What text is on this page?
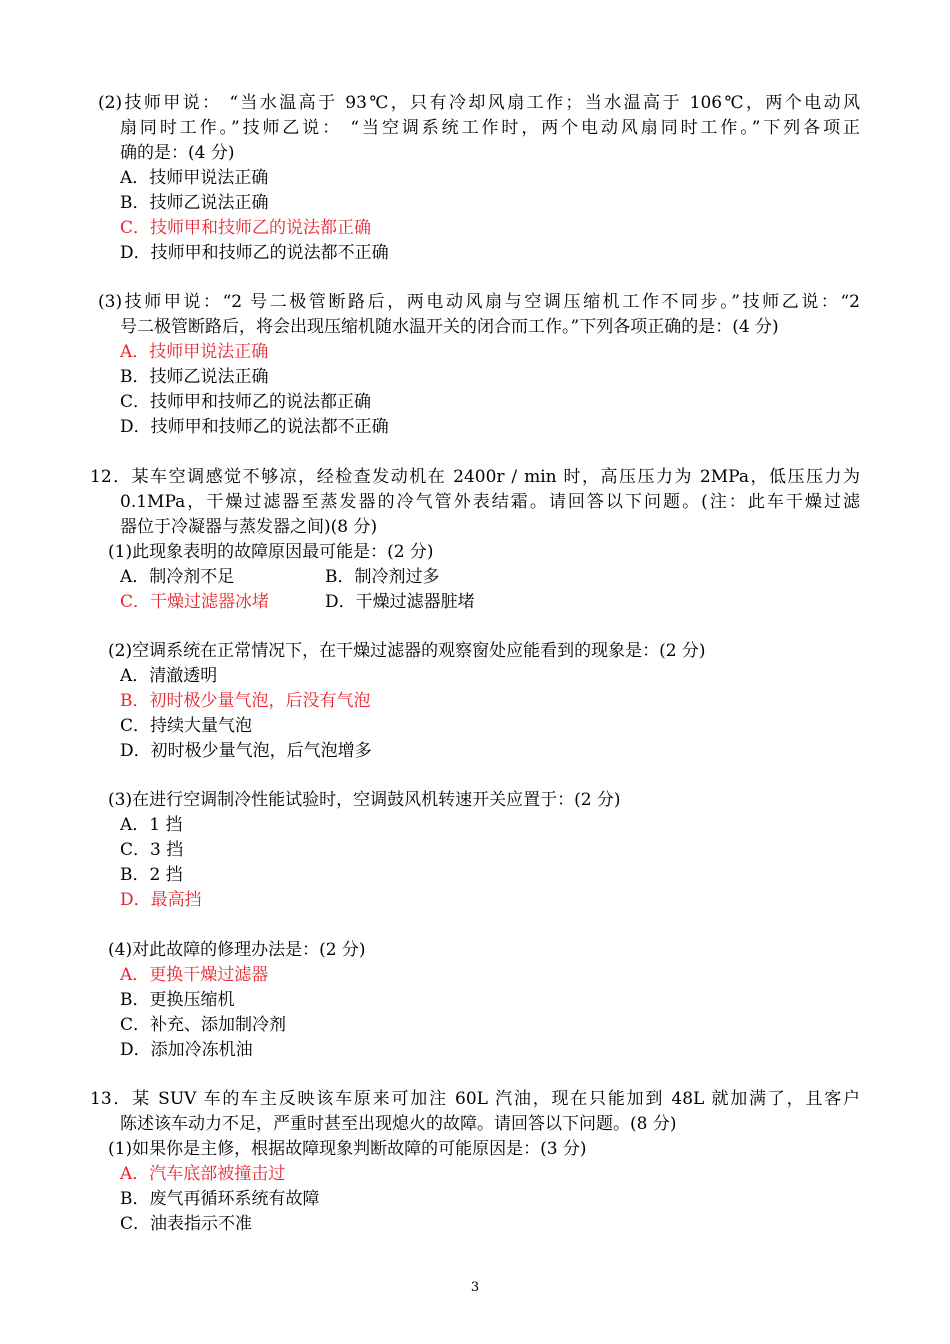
(2)技师甲说： “当水温高于 93℃，只有冷却风扇工作；当水温高于 106℃，两个电动风
扇同时工作。”技师乙说： “当空调系统工作时，两个电动风扇同时工作。”下列各项正
确的是：(4 分)
A．技师甲说法正确
B．技师乙说法正确
C．技师甲和技师乙的说法都正确
D．技师甲和技师乙的说法都不正确
(3)技师甲说：“2 号二极管断路后，两电动风扇与空调压缩机工作不同步。”技师乙说：“2
号二极管断路后，将会出现压缩机随水温开关的闭合而工作。”下列各项正确的是：(4 分)
A．技师甲说法正确
B．技师乙说法正确
C．技师甲和技师乙的说法都正确
D．技师甲和技师乙的说法都不正确
12．某车空调感觉不够凉，经检查发动机在 2400r / min 时，高压压力为 2MPa，低压压力为
0.1MPa，干燥过滤器至蒸发器的冷气管外表结霜。请回答以下问题。(注：此车干燥过滤
器位于冷凝器与蒸发器之间)(8 分)
(1)此现象表明的故障原因最可能是：(2 分)
A．制冷剂不足	B．制冷剂过多
C．干燥过滤器冰堵	D．干燥过滤器脏堵
(2)空调系统在正常情况下，在干燥过滤器的观察窗处应能看到的现象是：(2 分)
A．清澈透明
B．初时极少量气泡，后没有气泡
C．持续大量气泡
D．初时极少量气泡，后气泡增多
(3)在进行空调制冷性能试验时，空调鼓风机转速开关应置于：(2 分)
A．1 挡
C．3 挡
B．2 挡
D．最高挡
(4)对此故障的修理办法是：(2 分)
A．更换干燥过滤器
B．更换压缩机
C．补充、添加制冷剂
D．添加冷冻机油
13．某 SUV 车的车主反映该车原来可加注 60L 汽油，现在只能加到 48L 就加满了，且客户
陈述该车动力不足，严重时甚至出现熄火的故障。请回答以下问题。(8 分)
(1)如果你是主修，根据故障现象判断故障的可能原因是：(3 分)
A．汽车底部被撞击过
B．废气再循环系统有故障
C．油表指示不准
3
